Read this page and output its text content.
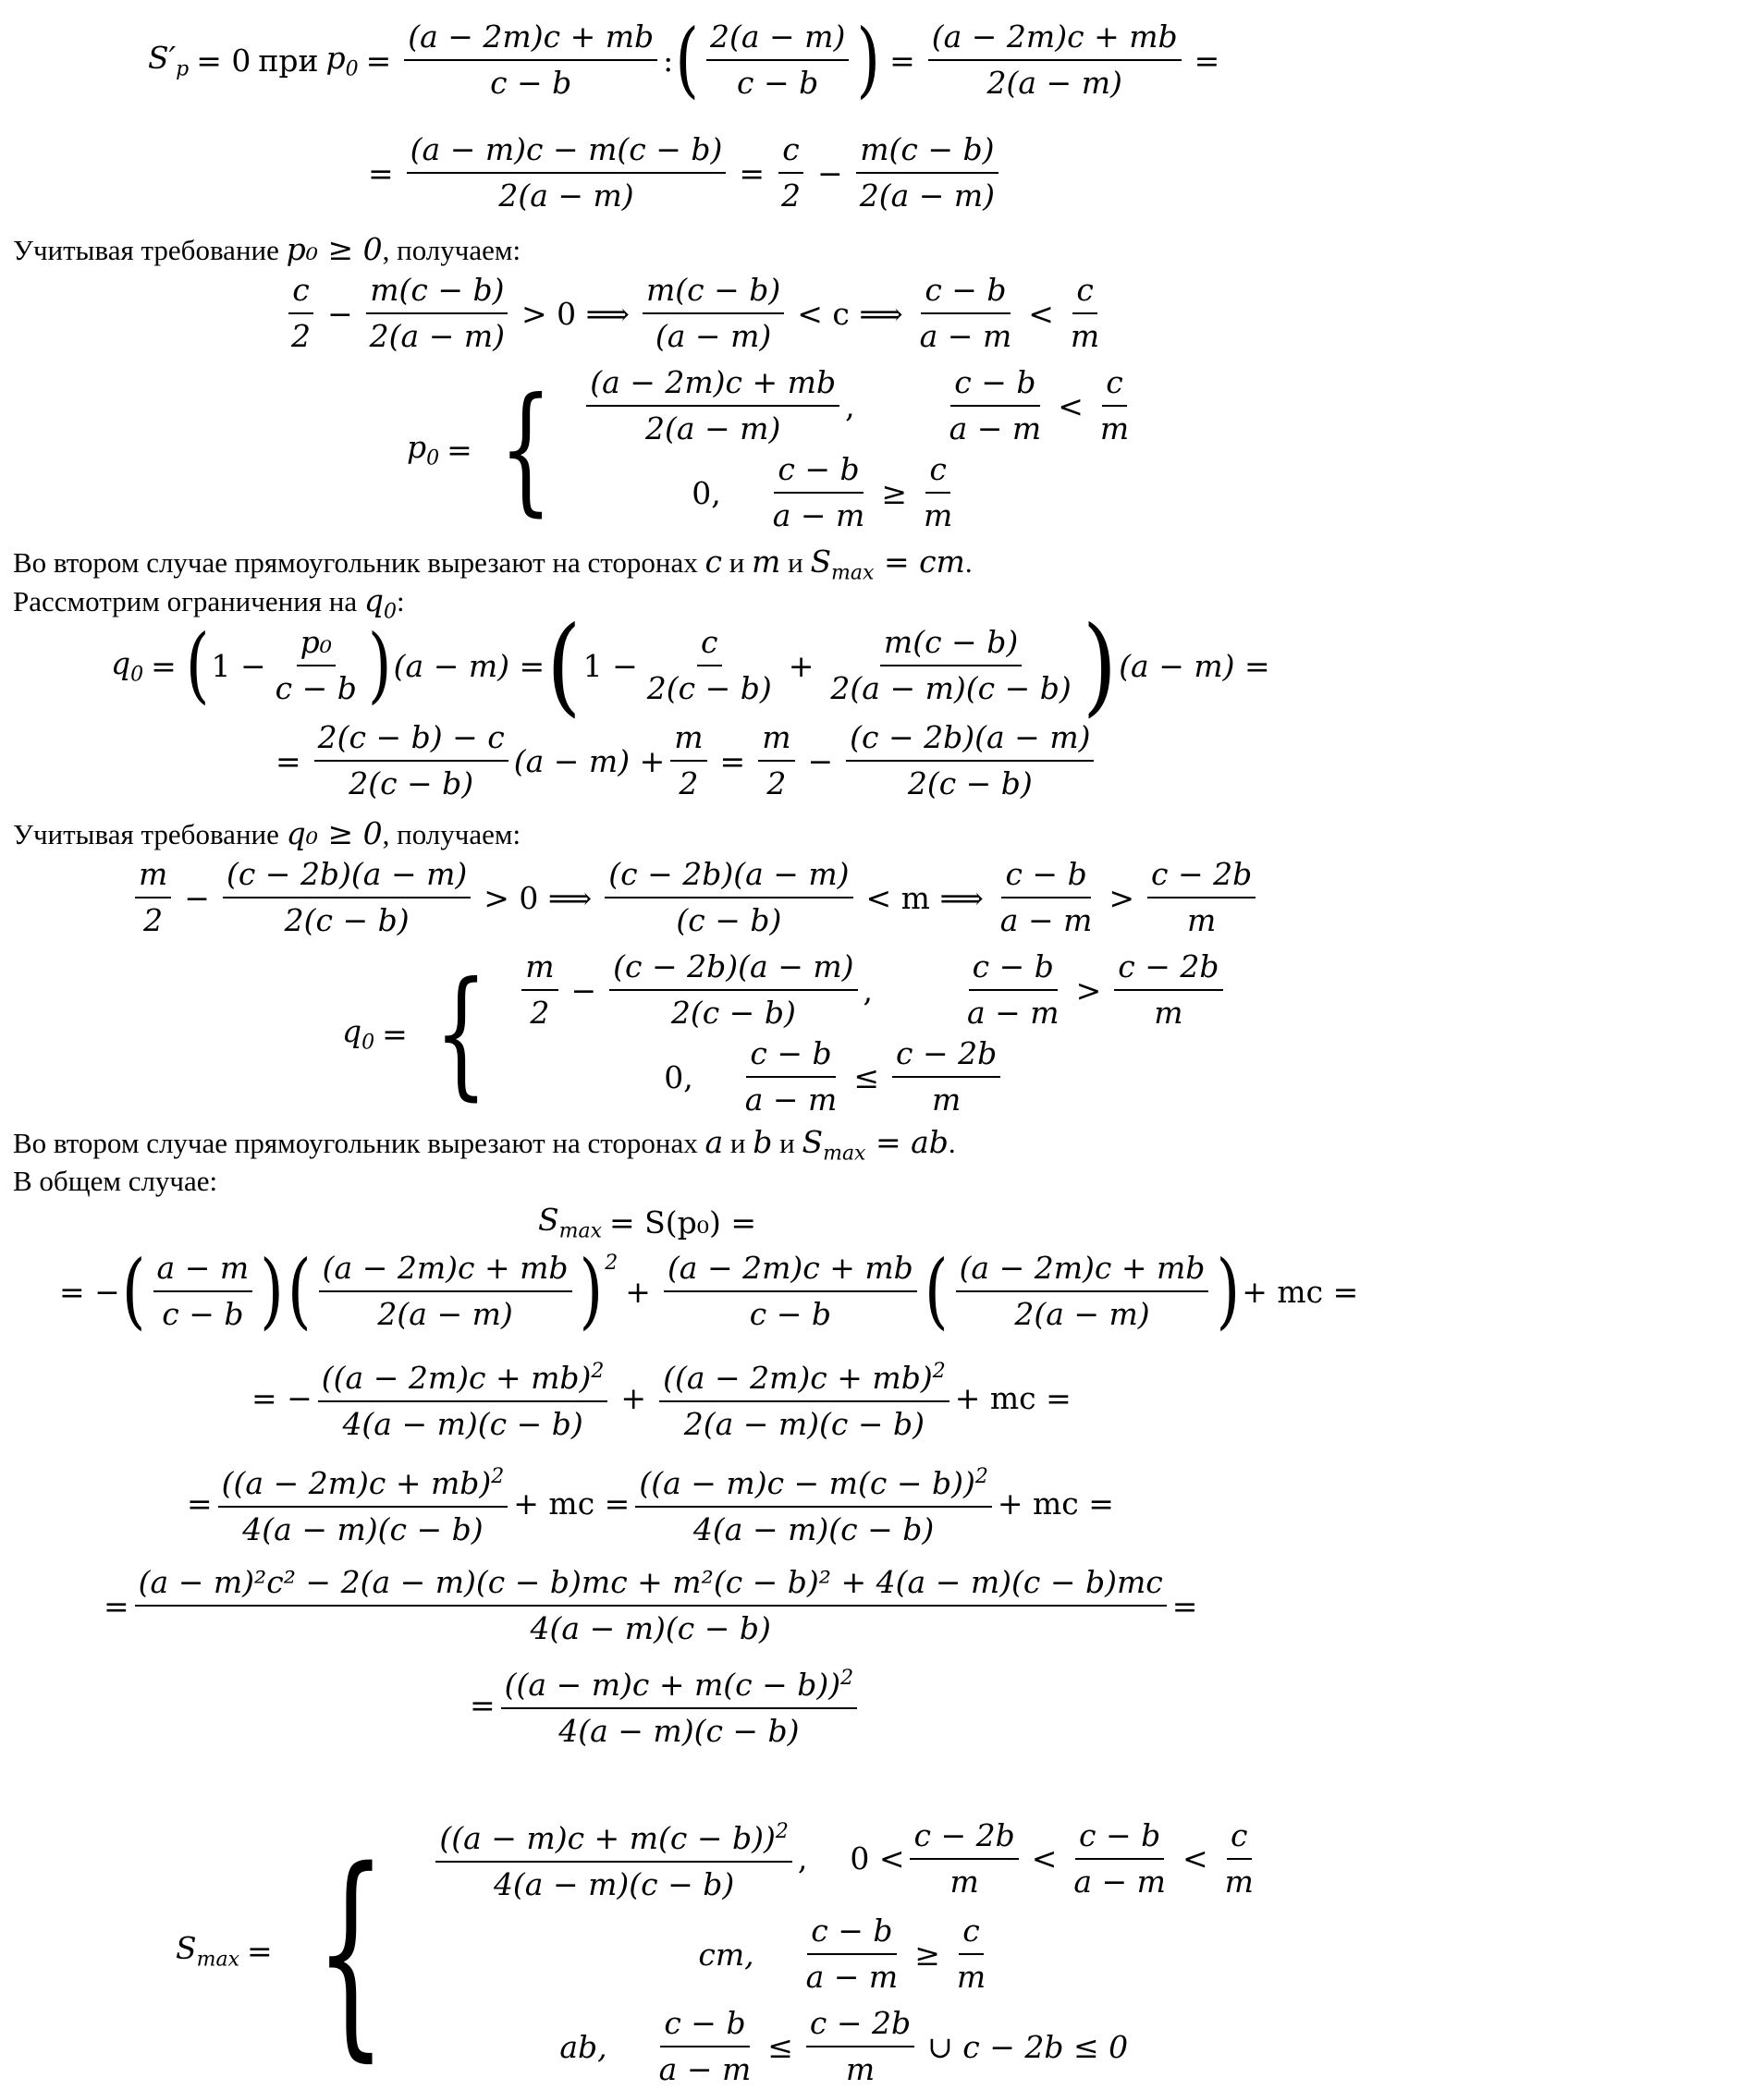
$S'_p = 0$ при $p_0 = \frac{(a - 2m)c + mb}{c - b}$ : ( $\frac{2(a - m)}{c - b}$ ) = $\frac{(a - 2m)c + mb}{2(a - m)}$ =
= $\frac{(a - m)c - m(c - b)}{2(a - m)} = \frac{c}{2} - \frac{m(c - b)}{2(a - m)}$
Учитывая требование p₀ ≥ 0, получаем:
$\frac{c}{2} - \frac{m(c - b)}{2(a - m)} > 0$ ⟹ $\frac{m(c - b)}{(a - m)} < c$ ⟹ $\frac{c - b}{a - m} < \frac{c}{m}$
$p_0$ = { $\frac{(a - 2m)c + mb}{2(a - m)}$ ,	$\frac{c - b}{a - m} < \frac{c}{m}$
0, $\frac{c - b}{a - m} \ge \frac{c}{m}$
Во втором случае прямоугольник вырезают на сторонах c и m и $S_{max}$ = cm.
Рассмотрим ограничения на $q_0$:
$q_0$ = ( $1 - \frac{\text{p₀}}{c - b}$ ) (a − m) = ( $1 - \frac{c}{2(c - b)} + \frac{m(c - b)}{2(a - m)(c - b)}$ ) (a − m) =
= $\frac{2(c - b) - c}{2(c - b)} (a - m) + \frac{m}{2} = \frac{m}{2} - \frac{(c - 2b)(a - m)}{2(c - b)}$
Учитывая требование q₀ ≥ 0, получаем:
$\frac{m}{2} - \frac{(c - 2b)(a - m)}{2(c - b)} > 0$ ⟹ $\frac{(c - 2b)(a - m)}{(c - b)} < m$ ⟹ $\frac{c - b}{a - m} > \frac{c - 2b}{m}$
$q_0$ = { $\frac{m}{2} - \frac{(c - 2b)(a - m)}{2(c - b)}$ ,	$\frac{c - b}{a - m} > \frac{c - 2b}{m}$
0, $\frac{c - b}{a - m} \le \frac{c - 2b}{m}$
Во втором случае прямоугольник вырезают на сторонах a и b и $S_{max}$ = ab.
В общем случае:
$S_{max} = S(p_0)$ =
= − ( $\frac{a - m}{c - b}$ ) ( $\frac{(a - 2m)c + mb}{2(a - m)} )^2$
+ $\frac{(a - 2m)c + mb}{c - b}$ ( $\frac{(a - 2m)c + mb}{2(a - m)}$ ) + mc =
= − $\frac{((a - 2m)c + mb)^2}{4(a - m)(c - b)} + \frac{((a - 2m)c + mb)^2}{2(a - m)(c - b)}$ + mc =
= $\frac{((a - 2m)c + mb)^2}{4(a - m)(c - b)}$ + mc = $\frac{((a - m)c - m(c - b))^2}{4(a - m)(c - b)}$ + mc =
=
(a − m)²c² − 2(a − m)(c − b)mc + m²(c − b)² + 4(a − m)(c − b)mc
4(a − m)(c − b)
=
= $\frac{((a - m)c + m(c - b))^2}{4(a - m)(c - b)}$
$S_{max}$ = { $\frac{((a - m)c + m(c - b))^2}{4(a - m)(c - b)}$ , $0 < \frac{c - 2b}{m} < \frac{c - b}{a - m} < \frac{c}{m}$
cm, $\frac{c - b}{a - m} \ge \frac{c}{m}$
ab, $\frac{c - b}{a - m} \le \frac{c - 2b}{m}$ ∪ c − 2b ≤ 0
